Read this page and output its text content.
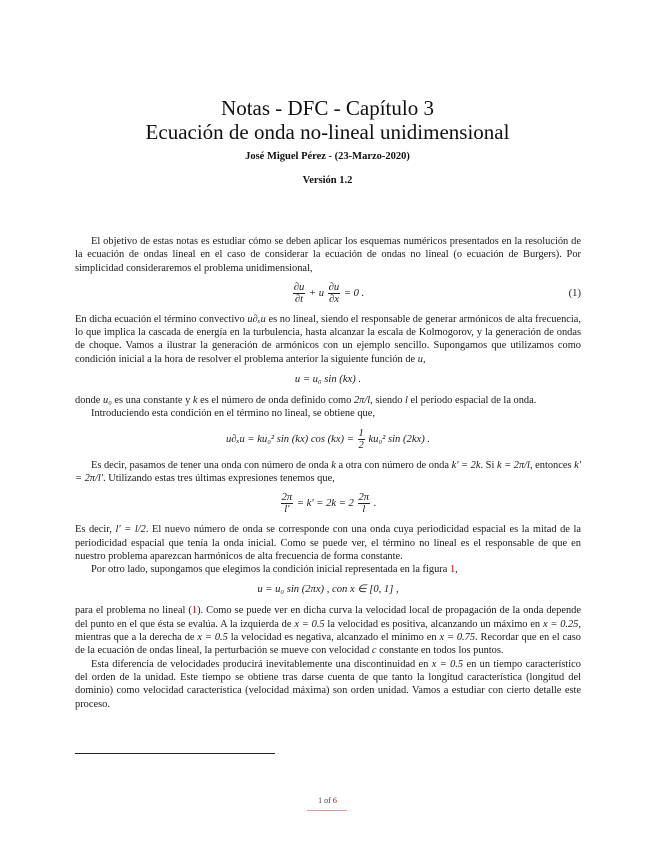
Notas - DFC - Capítulo 3
Ecuación de onda no-lineal unidimensional
José Miguel Pérez - (23-Marzo-2020)
Versión 1.2

El objetivo de estas notas es estudiar cómo se deben aplicar los esquemas numéricos presentados en la resolución de la ecuación de ondas lineal en el caso de considerar la ecuación de ondas no lineal (o ecuación de Burgers). Por simplicidad consideraremos el problema unidimensional,

$\frac{\partial u}{\partial t} + u \frac{\partial u}{\partial x} = 0$ .	(1)

En dicha ecuación el término convectivo u∂ₓu es no lineal, siendo el responsable de generar armónicos de alta frecuencia, lo que implica la cascada de energía en la turbulencia, hasta alcanzar la escala de Kolmogorov, y la generación de ondas de choque. Vamos a ilustrar la generación de armónicos con un ejemplo sencillo. Supongamos que utilizamos como condición inicial a la hora de resolver el problema anterior la siguiente función de u,

u = u₀ sin (kx) .

donde u₀ es una constante y k es el número de onda definido como 2π/l, siendo l el periodo espacial de la onda.

Introduciendo esta condición en el término no lineal, se obtiene que,

u∂ₓu = ku₀² sin (kx) $\cos (kx) = \frac{1}{2} ku_0^2$ sin (2kx) .

Es decir, pasamos de tener una onda con número de onda k a otra con número de onda k′ = 2k. Si k = 2π/l, entonces k′ = 2π/l′. Utilizando estas tres últimas expresiones tenemos que,

$\frac{2\pi}{l'} = k' = 2k = 2 \frac{2\pi}{l}$ .

Es decir, l′ = l/2. El nuevo número de onda se corresponde con una onda cuya periodicidad espacial es la mitad de la periodicidad espacial que tenía la onda inicial. Como se puede ver, el término no lineal es el responsable de que en nuestro problema aparezcan harmónicos de alta frecuencia de forma constante.

Por otro lado, supongamos que elegimos la condición inicial representada en la figura 1,

u = u₀ sin (2πx) , con x ∈ [0, 1] ,

para el problema no lineal (1). Como se puede ver en dicha curva la velocidad local de propagación de la onda depende del punto en el que ésta se evalúa. A la izquierda de x = 0.5 la velocidad es positiva, alcanzando un máximo en x = 0.25, mientras que a la derecha de x = 0.5 la velocidad es negativa, alcanzado el mínimo en x = 0.75. Recordar que en el caso de la ecuación de ondas lineal, la perturbación se mueve con velocidad c constante en todos los puntos.

Esta diferencia de velocidades producirá inevitablemente una discontinuidad en x = 0.5 en un tiempo característico del orden de la unidad. Este tiempo se obtiene tras darse cuenta de que tanto la longitud característica (longitud del dominio) como velocidad característica (velocidad máxima) son orden unidad. Vamos a estudiar con cierto detalle este proceso.

1 of 6
